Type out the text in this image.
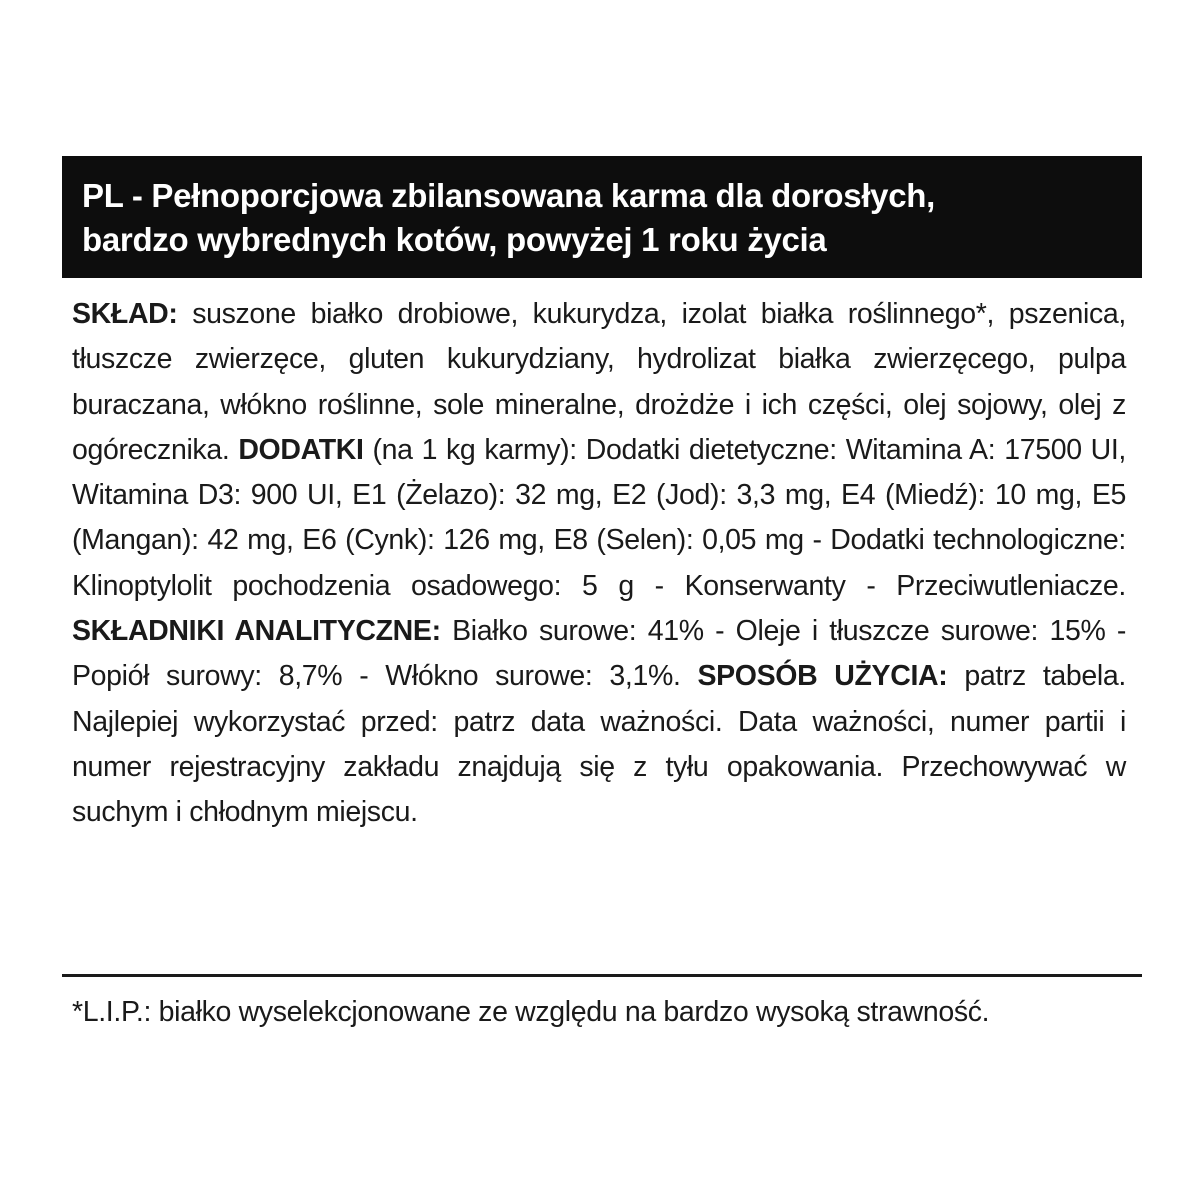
PL - Pełnoporcjowa zbilansowana karma dla dorosłych,
bardzo wybrednych kotów, powyżej 1 roku życia

SKŁAD: suszone białko drobiowe, kukurydza, izolat białka roślinnego*, pszenica, tłuszcze zwierzęce, gluten kukurydziany, hydrolizat białka zwierzęcego, pulpa buraczana, włókno roślinne, sole mineralne, drożdże i ich części, olej sojowy, olej z ogórecznika. DODATKI (na 1 kg karmy): Dodatki dietetyczne: Witamina A: 17500 UI, Witamina D3: 900 UI, E1 (Żelazo): 32 mg, E2 (Jod): 3,3 mg, E4 (Miedź): 10 mg, E5 (Mangan): 42 mg, E6 (Cynk): 126 mg, E8 (Selen): 0,05 mg - Dodatki technologiczne: Klinoptylolit pochodzenia osadowego: 5 g - Konserwanty - Przeciwutleniacze. SKŁADNIKI ANALITYCZNE: Białko surowe: 41% - Oleje i tłuszcze surowe: 15% - Popiół surowy: 8,7% - Włókno surowe: 3,1%. SPOSÓB UŻYCIA: patrz tabela. Najlepiej wykorzystać przed: patrz data ważności. Data ważności, numer partii i numer rejestracyjny zakładu znajdują się z tyłu opakowania. Przechowywać w suchym i chłodnym miejscu.

*L.I.P.: białko wyselekcjonowane ze względu na bardzo wysoką strawność.
